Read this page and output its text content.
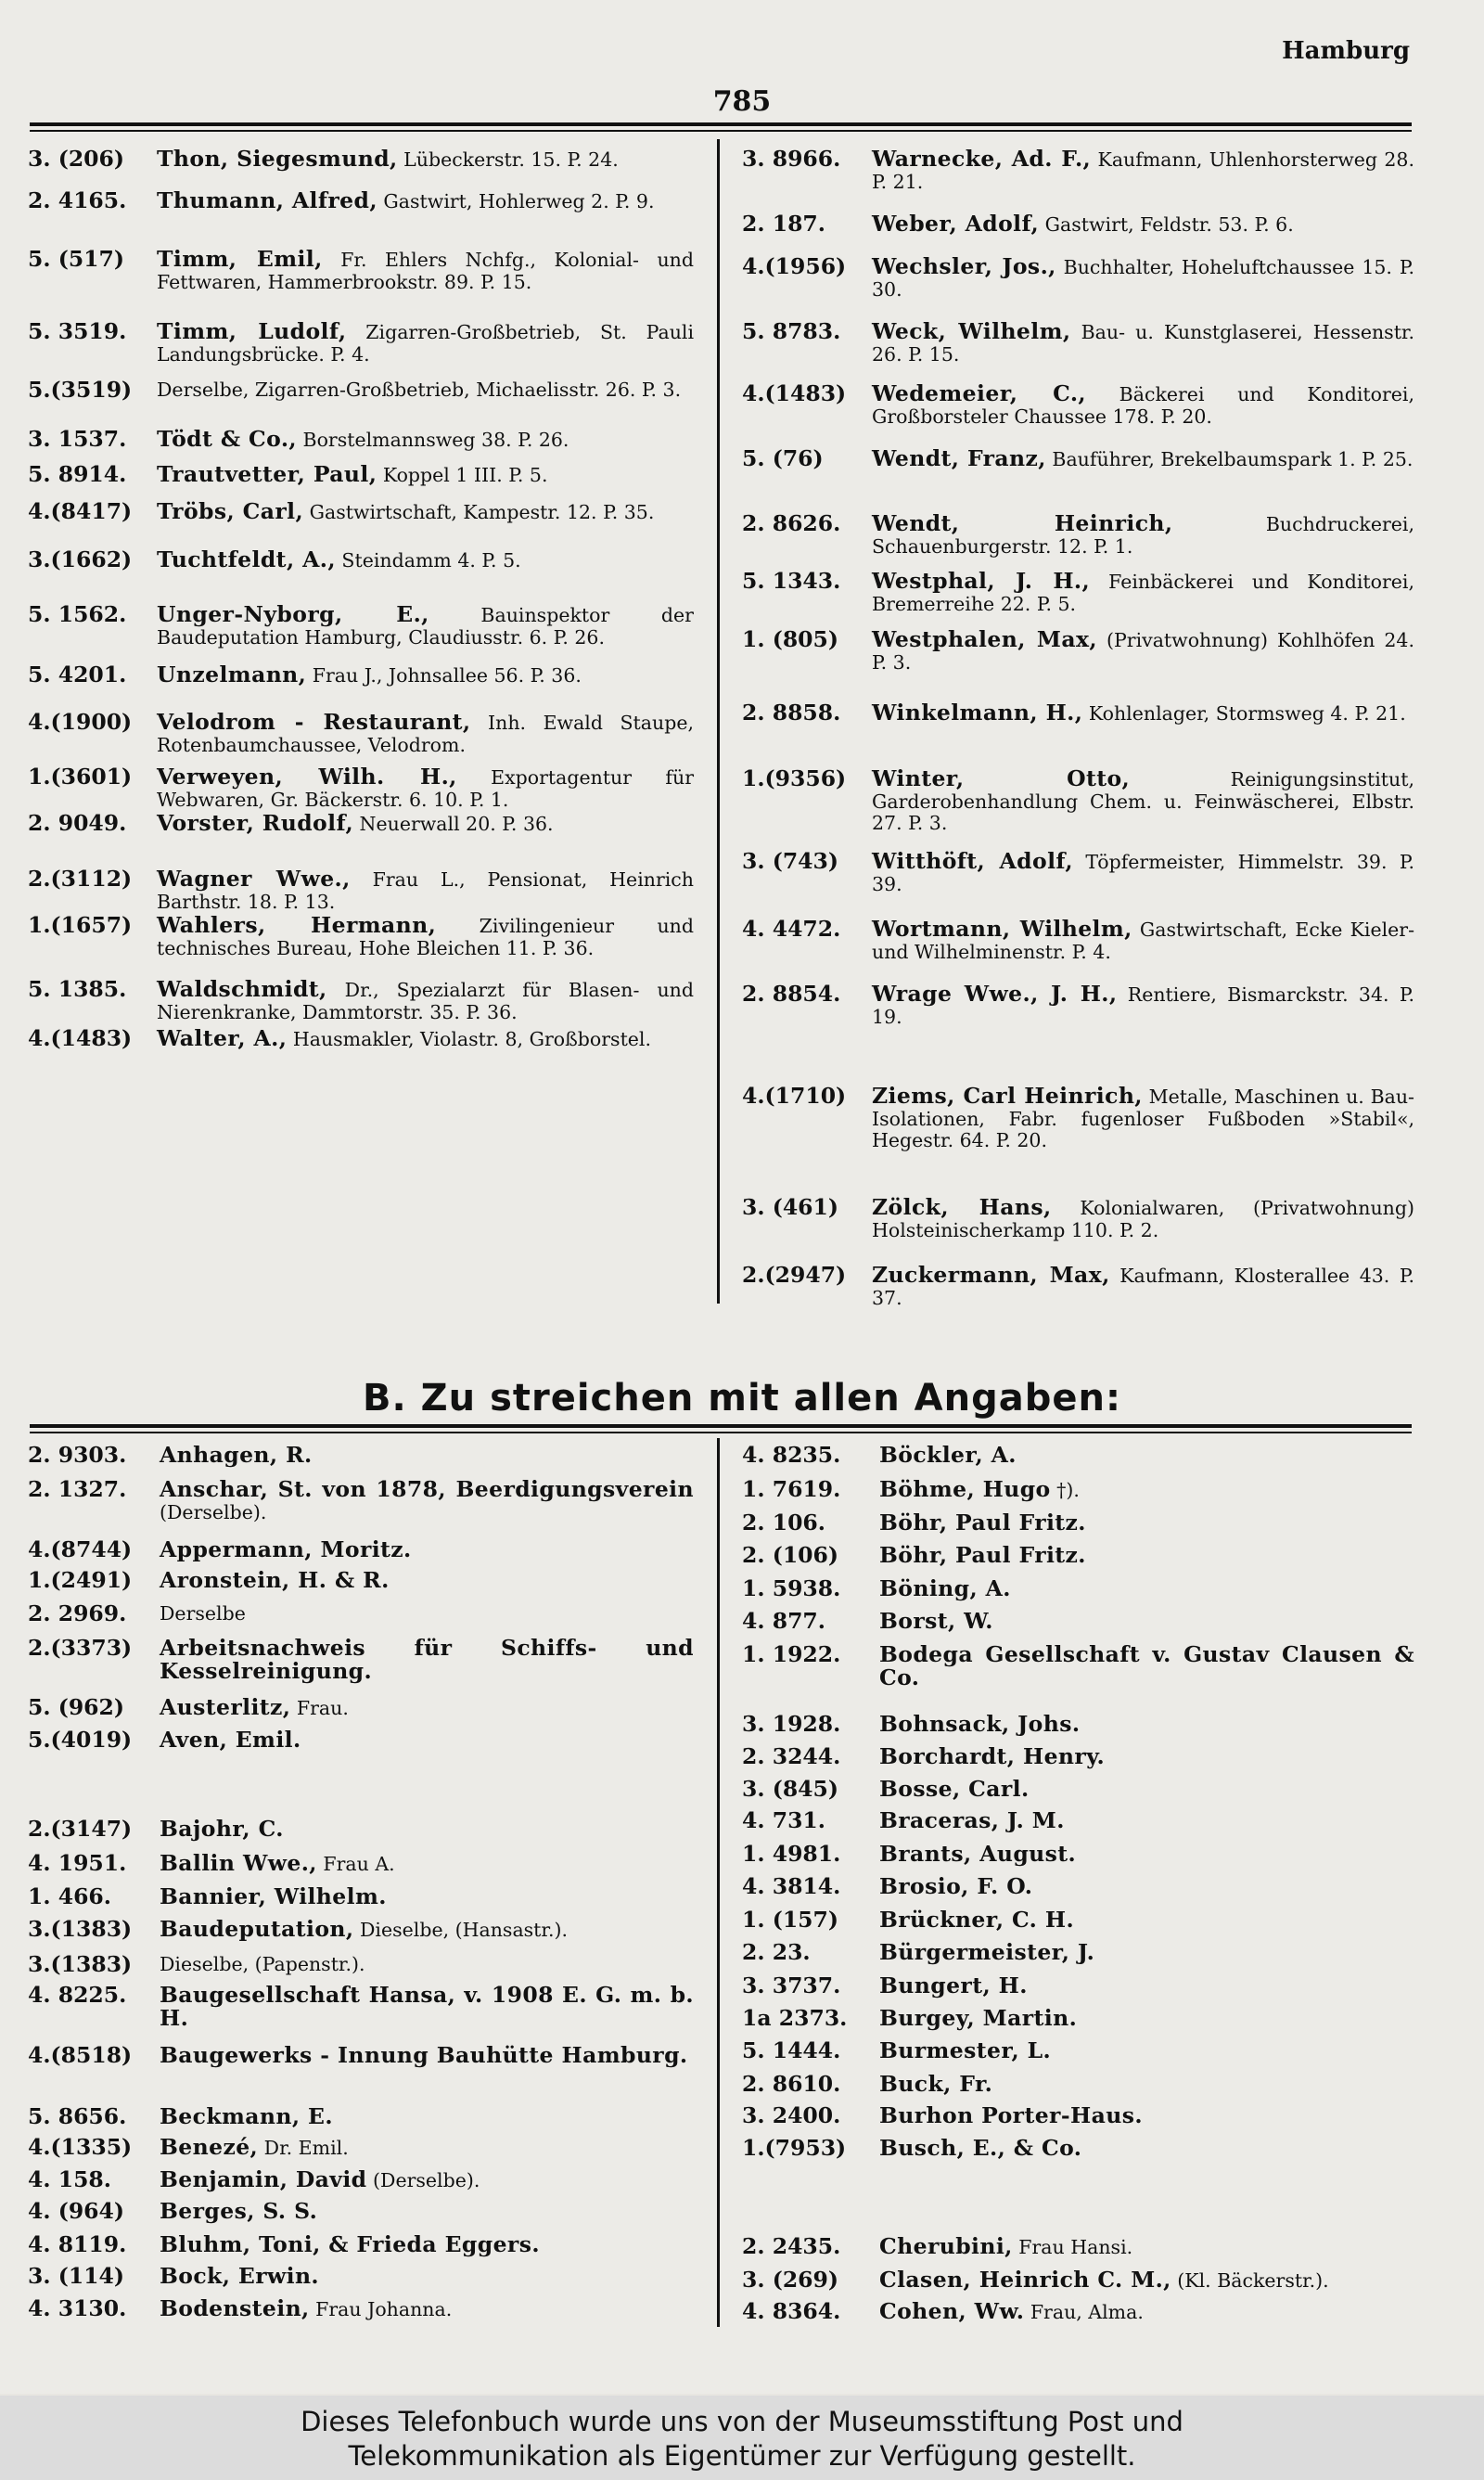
Hamburg
785
3. (206) Thon, Siegesmund, Lübeckerstr. 15. P. 24.
2. 4165. Thumann, Alfred, Gastwirt, Hohlerweg 2. P. 9.
5. (517) Timm, Emil, Fr. Ehlers Nchfg., Kolonial- und Fettwaren, Hammerbrookstr. 89. P. 15.
5. 3519. Timm, Ludolf, Zigarren-Großbetrieb, St. Pauli Landungsbrücke. P. 4.
5.(3519) Derselbe, Zigarren-Großbetrieb, Michaelisstr. 26. P. 3.
3. 1537. Tödt & Co., Borstelmannsweg 38. P. 26.
5. 8914. Trautvetter, Paul, Koppel 1 III. P. 5.
4.(8417) Tröbs, Carl, Gastwirtschaft, Kampestr. 12. P. 35.
3.(1662) Tuchtfeldt, A., Steindamm 4. P. 5.
5. 1562. Unger-Nyborg, E., Bauinspektor der Baudeputation Hamburg, Claudiusstr. 6. P. 26.
5. 4201. Unzelmann, Frau J., Johnsallee 56. P. 36.
4.(1900) Velodrom - Restaurant, Inh. Ewald Staupe, Rotenbaumchaussee, Velodrom.
1.(3601) Verweyen, Wilh. H., Exportagentur für Webwaren, Gr. Bäckerstr. 6. 10. P. 1.
2. 9049. Vorster, Rudolf, Neuerwall 20. P. 36.
2.(3112) Wagner Wwe., Frau L., Pensionat, Heinrich Barthstr. 18. P. 13.
1.(1657) Wahlers, Hermann, Zivilingenieur und technisches Bureau, Hohe Bleichen 11. P. 36.
5. 1385. Waldschmidt, Dr., Spezialarzt für Blasen- und Nierenkranke, Dammtorstr. 35. P. 36.
4.(1483) Walter, A., Hausmakler, Violastr. 8, Großborstel.
3. 8966. Warnecke, Ad. F., Kaufmann, Uhlenhorsterweg 28. P. 21.
2. 187. Weber, Adolf, Gastwirt, Feldstr. 53. P. 6.
4.(1956) Wechsler, Jos., Buchhalter, Hoheluftchaussee 15. P. 30.
5. 8783. Weck, Wilhelm, Bau- u. Kunstglaserei, Hessenstr. 26. P. 15.
4.(1483) Wedemeier, C., Bäckerei und Konditorei, Großborsteler Chaussee 178. P. 20.
5. (76) Wendt, Franz, Bauführer, Brekelbaumspark 1. P. 25.
2. 8626. Wendt, Heinrich, Buchdruckerei, Schauenburgerstr. 12. P. 1.
5. 1343. Westphal, J. H., Feinbäckerei und Konditorei, Bremerreihe 22. P. 5.
1. (805) Westphalen, Max, (Privatwohnung) Kohlhöfen 24. P. 3.
2. 8858. Winkelmann, H., Kohlenlager, Stormsweg 4. P. 21.
1.(9356) Winter, Otto, Reinigungsinstitut, Garderobenhandlung Chem. u. Feinwäscherei, Elbstr. 27. P. 3.
3. (743) Witthöft, Adolf, Töpfermeister, Himmelstr. 39. P. 39.
4. 4472. Wortmann, Wilhelm, Gastwirtschaft, Ecke Kieler- und Wilhelminenstr. P. 4.
2. 8854. Wrage Wwe., J. H., Rentiere, Bismarckstr. 34. P. 19.
4.(1710) Ziems, Carl Heinrich, Metalle, Maschinen u. Bau-Isolationen, Fabr. fugenloser Fußboden »Stabil«, Hegestr. 64. P. 20.
3. (461) Zölck, Hans, Kolonialwaren, (Privatwohnung) Holsteinischerkamp 110. P. 2.
2.(2947) Zuckermann, Max, Kaufmann, Klosterallee 43. P. 37.
B. Zu streichen mit allen Angaben:
2. 9303. Anhagen, R.
2. 1327. Anschar, St. von 1878, Beerdigungsverein (Derselbe).
4.(8744) Appermann, Moritz.
1.(2491) Aronstein, H. & R.
2. 2969. Derselbe
2.(3373) Arbeitsnachweis für Schiffs- und Kesselreinigung.
5. (962) Austerlitz, Frau.
5.(4019) Aven, Emil.
2.(3147) Bajohr, C.
4. 1951. Ballin Wwe., Frau A.
1. 466. Bannier, Wilhelm.
3.(1383) Baudeputation, Dieselbe, (Hansastr.).
3.(1383) Dieselbe, (Papenstr.).
4. 8225. Baugesellschaft Hansa, v. 1908 E. G. m. b. H.
4.(8518) Baugewerks - Innung Bauhütte Hamburg.
5. 8656. Beckmann, E.
4.(1335) Benezé, Dr. Emil.
4. 158. Benjamin, David (Derselbe).
4. (964) Berges, S. S.
4. 8119. Bluhm, Toni, & Frieda Eggers.
3. (114) Bock, Erwin.
4. 3130. Bodenstein, Frau Johanna.
4. 8235. Böckler, A.
1. 7619. Böhme, Hugo †).
2. 106. Böhr, Paul Fritz.
2. (106) Böhr, Paul Fritz.
1. 5938. Böning, A.
4. 877. Borst, W.
1. 1922. Bodega Gesellschaft v. Gustav Clausen & Co.
3. 1928. Bohnsack, Johs.
2. 3244. Borchardt, Henry.
3. (845) Bosse, Carl.
4. 731. Braceras, J. M.
1. 4981. Brants, August.
4. 3814. Brosio, F. O.
1. (157) Brückner, C. H.
2. 23.	Bürgermeister, J.
3. 3737. Bungert, H.
1a 2373. Burgey, Martin.
5. 1444. Burmester, L.
2. 8610. Buck, Fr.
3. 2400. Burhon Porter-Haus.
1.(7953) Busch, E., & Co.
2. 2435. Cherubini, Frau Hansi.
3. (269) Clasen, Heinrich C. M., (Kl. Bäckerstr.).
4. 8364. Cohen, Ww. Frau, Alma.
Dieses Telefonbuch wurde uns von der Museumsstiftung Post und
Telekommunikation als Eigentümer zur Verfügung gestellt.
